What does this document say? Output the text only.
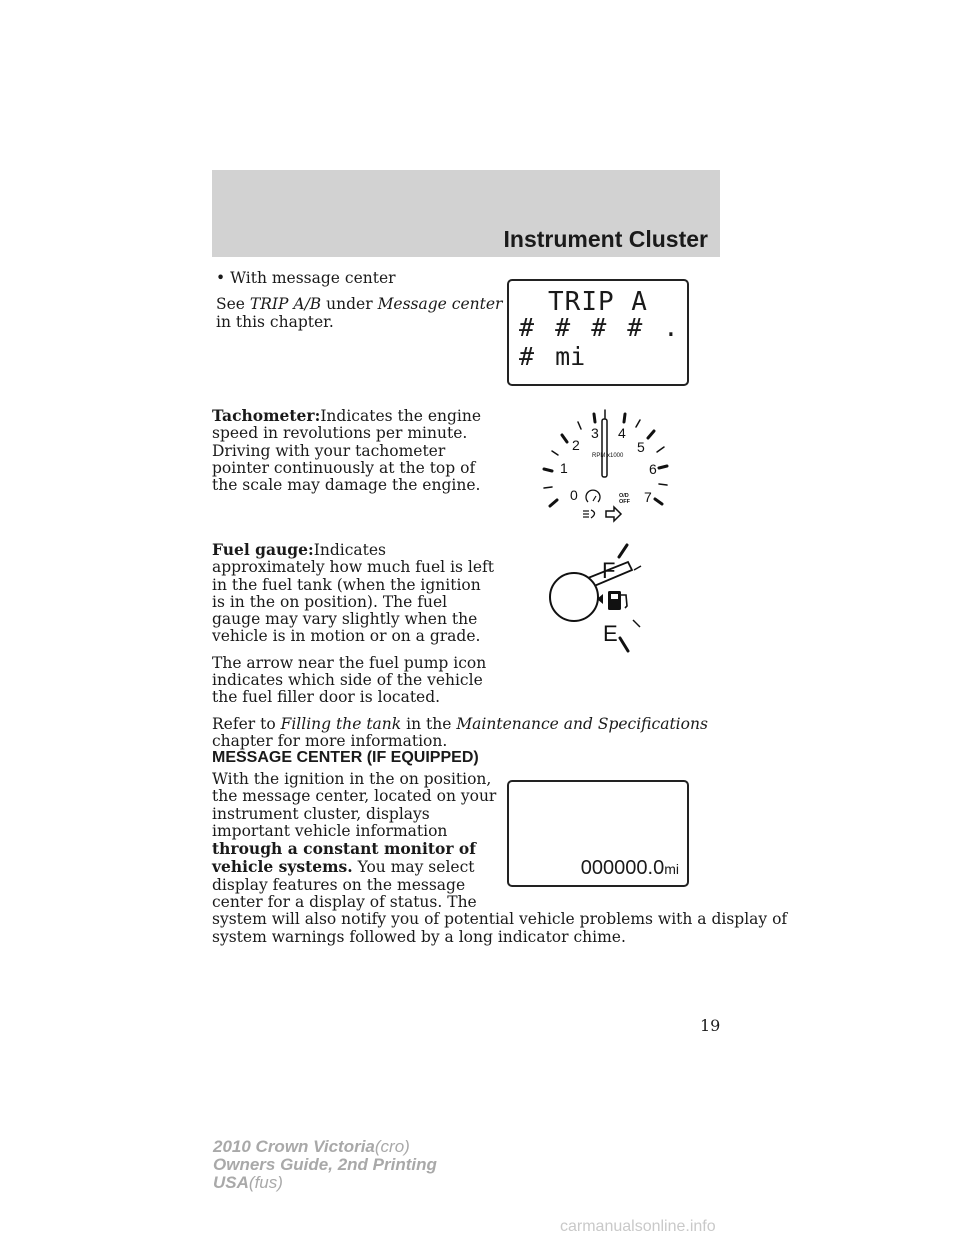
Instrument Cluster

• With message center

See TRIP A/B under Message center

in this chapter.

TRIP A
# # # # . # mi

Tachometer:Indicates the engine

speed in revolutions per minute.

Driving with your tachometer

pointer continuously at the top of

the scale may damage the engine.

0
1
2
3 4
5
6
7
RPM x1000
O/D
OFF

Fuel gauge:Indicates

approximately how much fuel is left

in the fuel tank (when the ignition

is in the on position). The fuel

gauge may vary slightly when the

vehicle is in motion or on a grade.

The arrow near the fuel pump icon

indicates which side of the vehicle

the fuel filler door is located.

Refer to Filling the tank in the Maintenance and Specifications

chapter for more information.

F
E
MESSAGE CENTER (IF EQUIPPED)

With the ignition in the on position,

the message center, located on your

instrument cluster, displays

important vehicle information

through a constant monitor of

vehicle systems. You may select

display features on the message

center for a display of status. The

system will also notify you of potential vehicle problems with a display of

system warnings followed by a long indicator chime.

000000.0mi
19
2010 Crown Victoria(cro)
Owners Guide, 2nd Printing
USA(fus)
carmanualsonline.info
